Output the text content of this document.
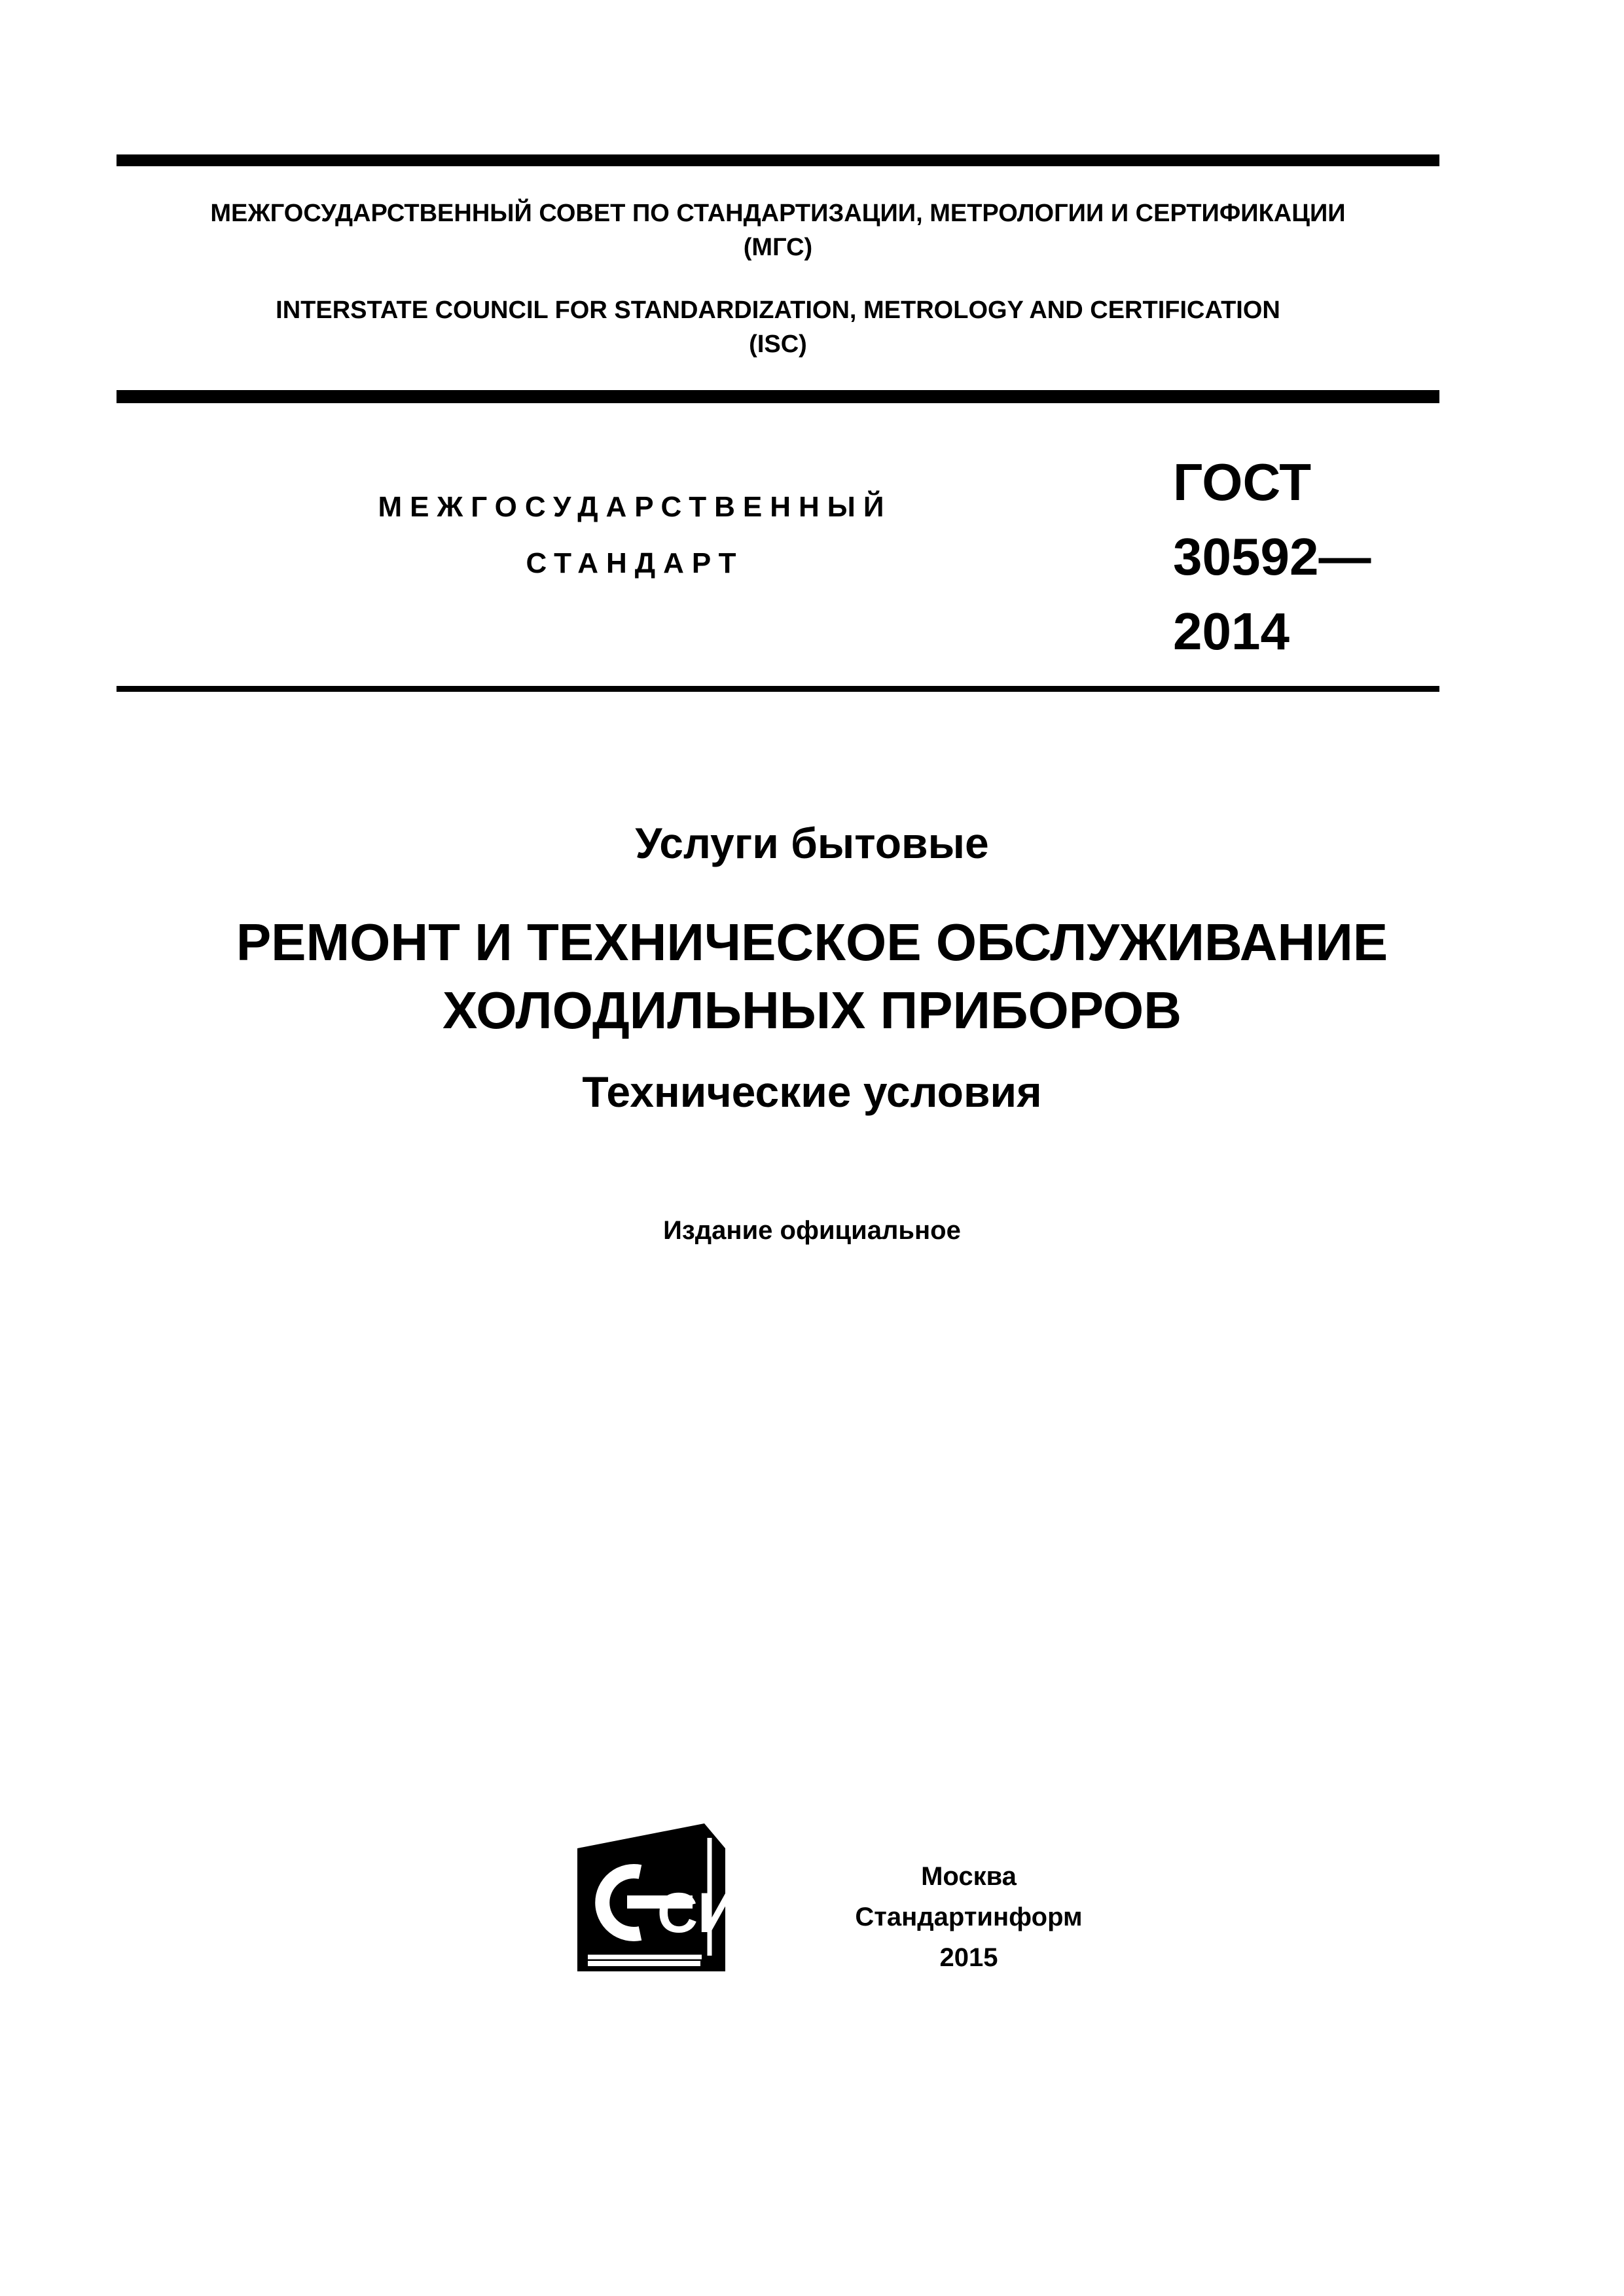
МЕЖГОСУДАРСТВЕННЫЙ СОВЕТ ПО СТАНДАРТИЗАЦИИ, МЕТРОЛОГИИ И СЕРТИФИКАЦИИ
(МГС)
INTERSTATE COUNCIL FOR STANDARDIZATION, METROLOGY AND CERTIFICATION
(ISC)
МЕЖГОСУДАРСТВЕННЫЙ
СТАНДАРТ
ГОСТ
30592—
2014
Услуги бытовые
РЕМОНТ И ТЕХНИЧЕСКОЕ ОБСЛУЖИВАНИЕ
ХОЛОДИЛЬНЫХ ПРИБОРОВ
Технические условия
Издание официальное
СИ
Москва
Стандартинформ
2015
